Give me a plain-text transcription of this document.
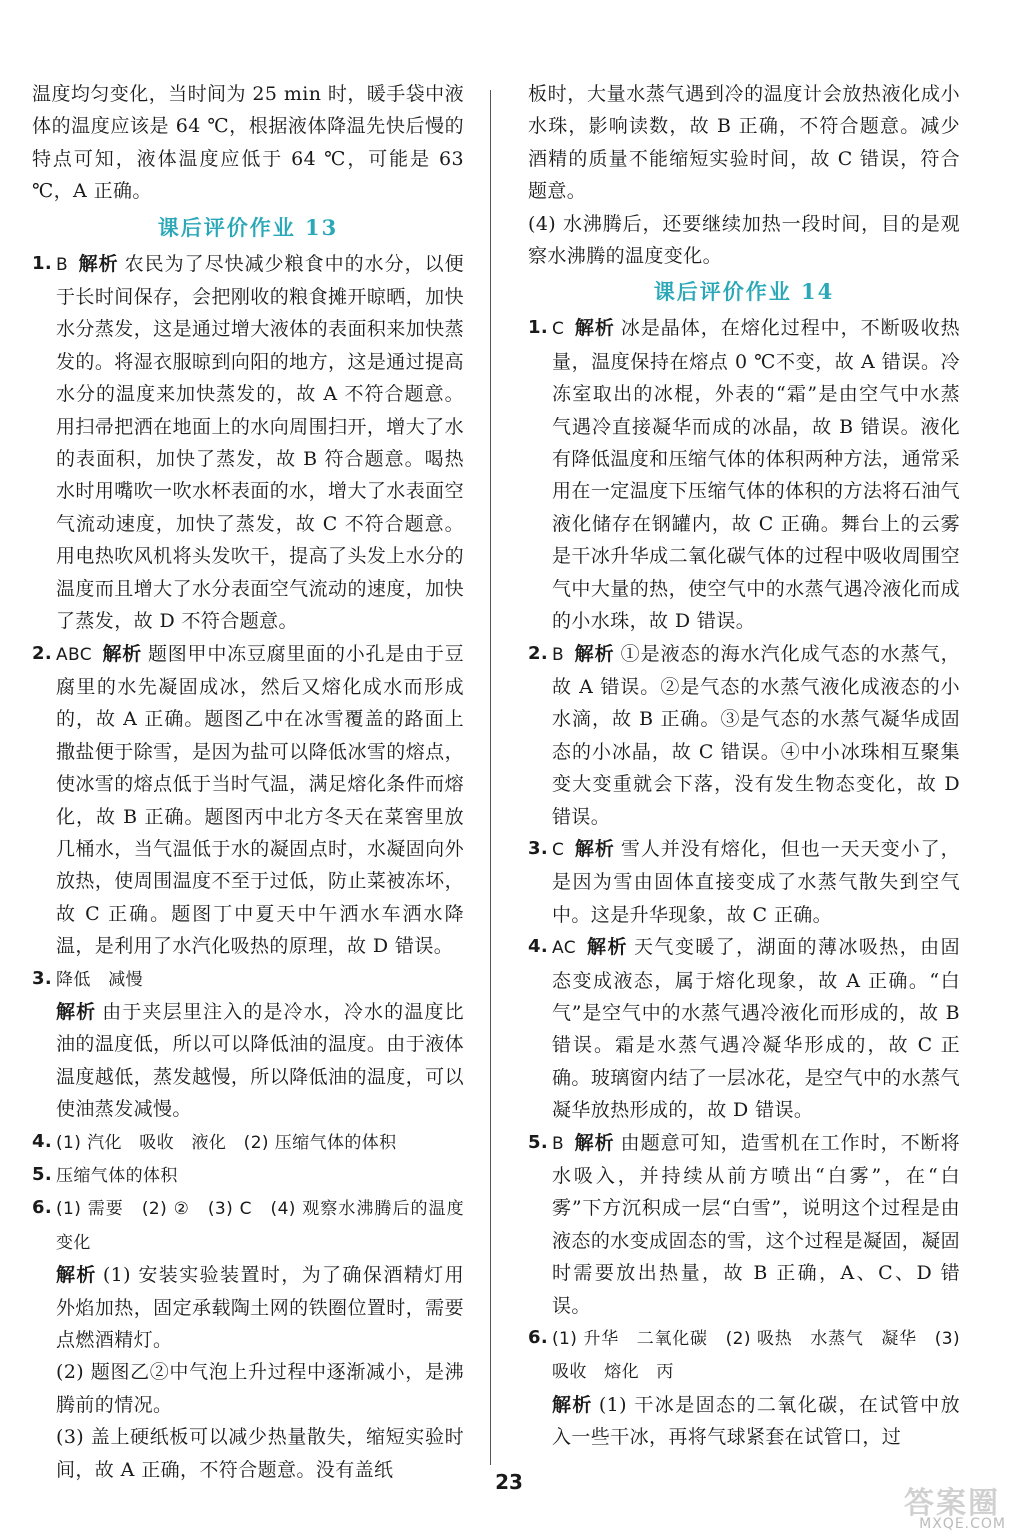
温度均匀变化，当时间为 25 min 时，暖手袋中液体的温度应该是 64 ℃，根据液体降温先快后慢的特点可知，液体温度应低于 64 ℃，可能是 63 ℃，A 正确。

课后评价作业 13

1. B 解析 农民为了尽快减少粮食中的水分，以便于长时间保存，会把刚收的粮食摊开晾晒，加快水分蒸发，这是通过增大液体的表面积来加快蒸发的。将湿衣服晾到向阳的地方，这是通过提高水分的温度来加快蒸发的，故 A 不符合题意。用扫帚把洒在地面上的水向周围扫开，增大了水的表面积，加快了蒸发，故 B 符合题意。喝热水时用嘴吹一吹水杯表面的水，增大了水表面空气流动速度，加快了蒸发，故 C 不符合题意。用电热吹风机将头发吹干，提高了头发上水分的温度而且增大了水分表面空气流动的速度，加快了蒸发，故 D 不符合题意。
2. ABC 解析 题图甲中冻豆腐里面的小孔是由于豆腐里的水先凝固成冰，然后又熔化成水而形成的，故 A 正确。题图乙中在冰雪覆盖的路面上撒盐便于除雪，是因为盐可以降低冰雪的熔点，使冰雪的熔点低于当时气温，满足熔化条件而熔化，故 B 正确。题图丙中北方冬天在菜窖里放几桶水，当气温低于水的凝固点时，水凝固向外放热，使周围温度不至于过低，防止菜被冻坏，故 C 正确。题图丁中夏天中午洒水车洒水降温，是利用了水汽化吸热的原理，故 D 错误。
3. 降低　减慢
解析 由于夹层里注入的是冷水，冷水的温度比油的温度低，所以可以降低油的温度。由于液体温度越低，蒸发越慢，所以降低油的温度，可以使油蒸发减慢。
4. (1) 汽化　吸收　液化　(2) 压缩气体的体积
5. 压缩气体的体积
6. (1) 需要　(2) ②　(3) C　(4) 观察水沸腾后的温度变化
解析 (1) 安装实验装置时，为了确保酒精灯用外焰加热，固定承载陶土网的铁圈位置时，需要点燃酒精灯。
(2) 题图乙②中气泡上升过程中逐渐减小，是沸腾前的情况。
(3) 盖上硬纸板可以减少热量散失，缩短实验时间，故 A 正确，不符合题意。没有盖纸

板时，大量水蒸气遇到冷的温度计会放热液化成小水珠，影响读数，故 B 正确，不符合题意。减少酒精的质量不能缩短实验时间，故 C 错误，符合题意。

(4) 水沸腾后，还要继续加热一段时间，目的是观察水沸腾的温度变化。

课后评价作业 14

1. C 解析 冰是晶体，在熔化过程中，不断吸收热量，温度保持在熔点 0 ℃不变，故 A 错误。冷冻室取出的冰棍，外表的“霜”是由空气中水蒸气遇冷直接凝华而成的冰晶，故 B 错误。液化有降低温度和压缩气体的体积两种方法，通常采用在一定温度下压缩气体的体积的方法将石油气液化储存在钢罐内，故 C 正确。舞台上的云雾是干冰升华成二氧化碳气体的过程中吸收周围空气中大量的热，使空气中的水蒸气遇冷液化而成的小水珠，故 D 错误。
2. B 解析 ①是液态的海水汽化成气态的水蒸气，故 A 错误。②是气态的水蒸气液化成液态的小水滴，故 B 正确。③是气态的水蒸气凝华成固态的小冰晶，故 C 错误。④中小冰珠相互聚集变大变重就会下落，没有发生物态变化，故 D 错误。
3. C 解析 雪人并没有熔化，但也一天天变小了，是因为雪由固体直接变成了水蒸气散失到空气中。这是升华现象，故 C 正确。
4. AC 解析 天气变暖了，湖面的薄冰吸热，由固态变成液态，属于熔化现象，故 A 正确。“白气”是空气中的水蒸气遇冷液化而形成的，故 B 错误。霜是水蒸气遇冷凝华形成的，故 C 正确。玻璃窗内结了一层冰花，是空气中的水蒸气凝华放热形成的，故 D 错误。
5. B 解析 由题意可知，造雪机在工作时，不断将水吸入，并持续从前方喷出“白雾”，在“白雾”下方沉积成一层“白雪”，说明这个过程是由液态的水变成固态的雪，这个过程是凝固，凝固时需要放出热量，故 B 正确，A、C、D 错误。
6. (1) 升华　二氧化碳　(2) 吸热　水蒸气　凝华　(3) 吸收　熔化　丙
解析 (1) 干冰是固态的二氧化碳，在试管中放入一些干冰，再将气球紧套在试管口，过
23
答案圈
MXQE.COM
